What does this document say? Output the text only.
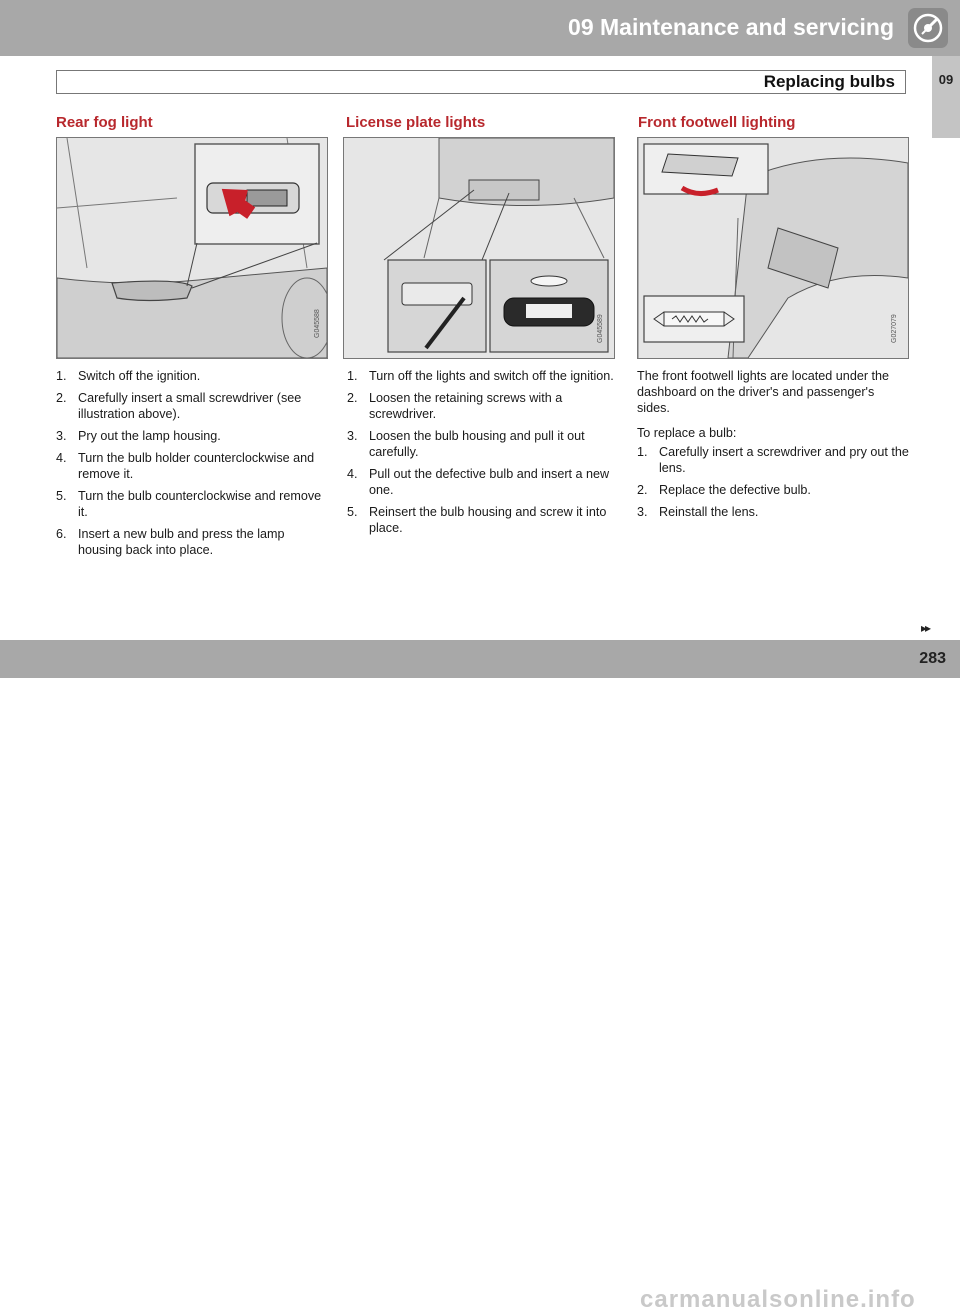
09 Maintenance and servicing
Replacing bulbs	09
Rear fog light
G045588
1. Switch off the ignition.
2. Carefully insert a small screwdriver (see illustration above).
3. Pry out the lamp housing.
4. Turn the bulb holder counterclockwise and remove it.
5. Turn the bulb counterclockwise and remove it.
6. Insert a new bulb and press the lamp housing back into place.
License plate lights
G045589
1. Turn off the lights and switch off the ignition.
2. Loosen the retaining screws with a screwdriver.
3. Loosen the bulb housing and pull it out carefully.
4. Pull out the defective bulb and insert a new one.
5. Reinsert the bulb housing and screw it into place.
Front footwell lighting
G027079

The front footwell lights are located under the dashboard on the driver's and passenger's sides.

To replace a bulb:

1. Carefully insert a screwdriver and pry out the lens.
2. Replace the defective bulb.
3. Reinstall the lens.
▸▸
carmanualsonline.info
283
